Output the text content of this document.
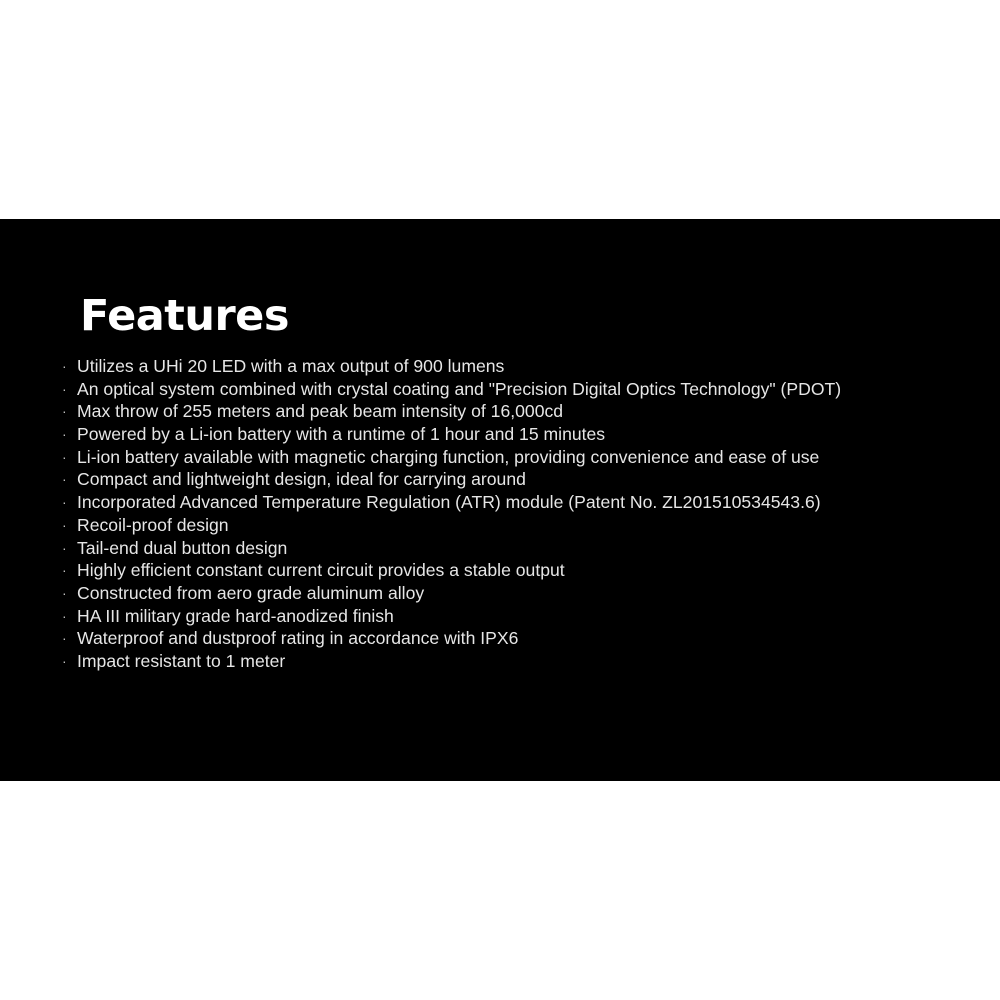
Features
· Utilizes a UHi 20 LED with a max output of 900 lumens
· An optical system combined with crystal coating and "Precision Digital Optics Technology" (PDOT)
· Max throw of 255 meters and peak beam intensity of 16,000cd
· Powered by a Li-ion battery with a runtime of 1 hour and 15 minutes
· Li-ion battery available with magnetic charging function, providing convenience and ease of use
· Compact and lightweight design, ideal for carrying around
· Incorporated Advanced Temperature Regulation (ATR) module (Patent No. ZL201510534543.6)
· Recoil-proof design
· Tail-end dual button design
· Highly efficient constant current circuit provides a stable output
· Constructed from aero grade aluminum alloy
· HA III military grade hard-anodized finish
· Waterproof and dustproof rating in accordance with IPX6
· Impact resistant to 1 meter
